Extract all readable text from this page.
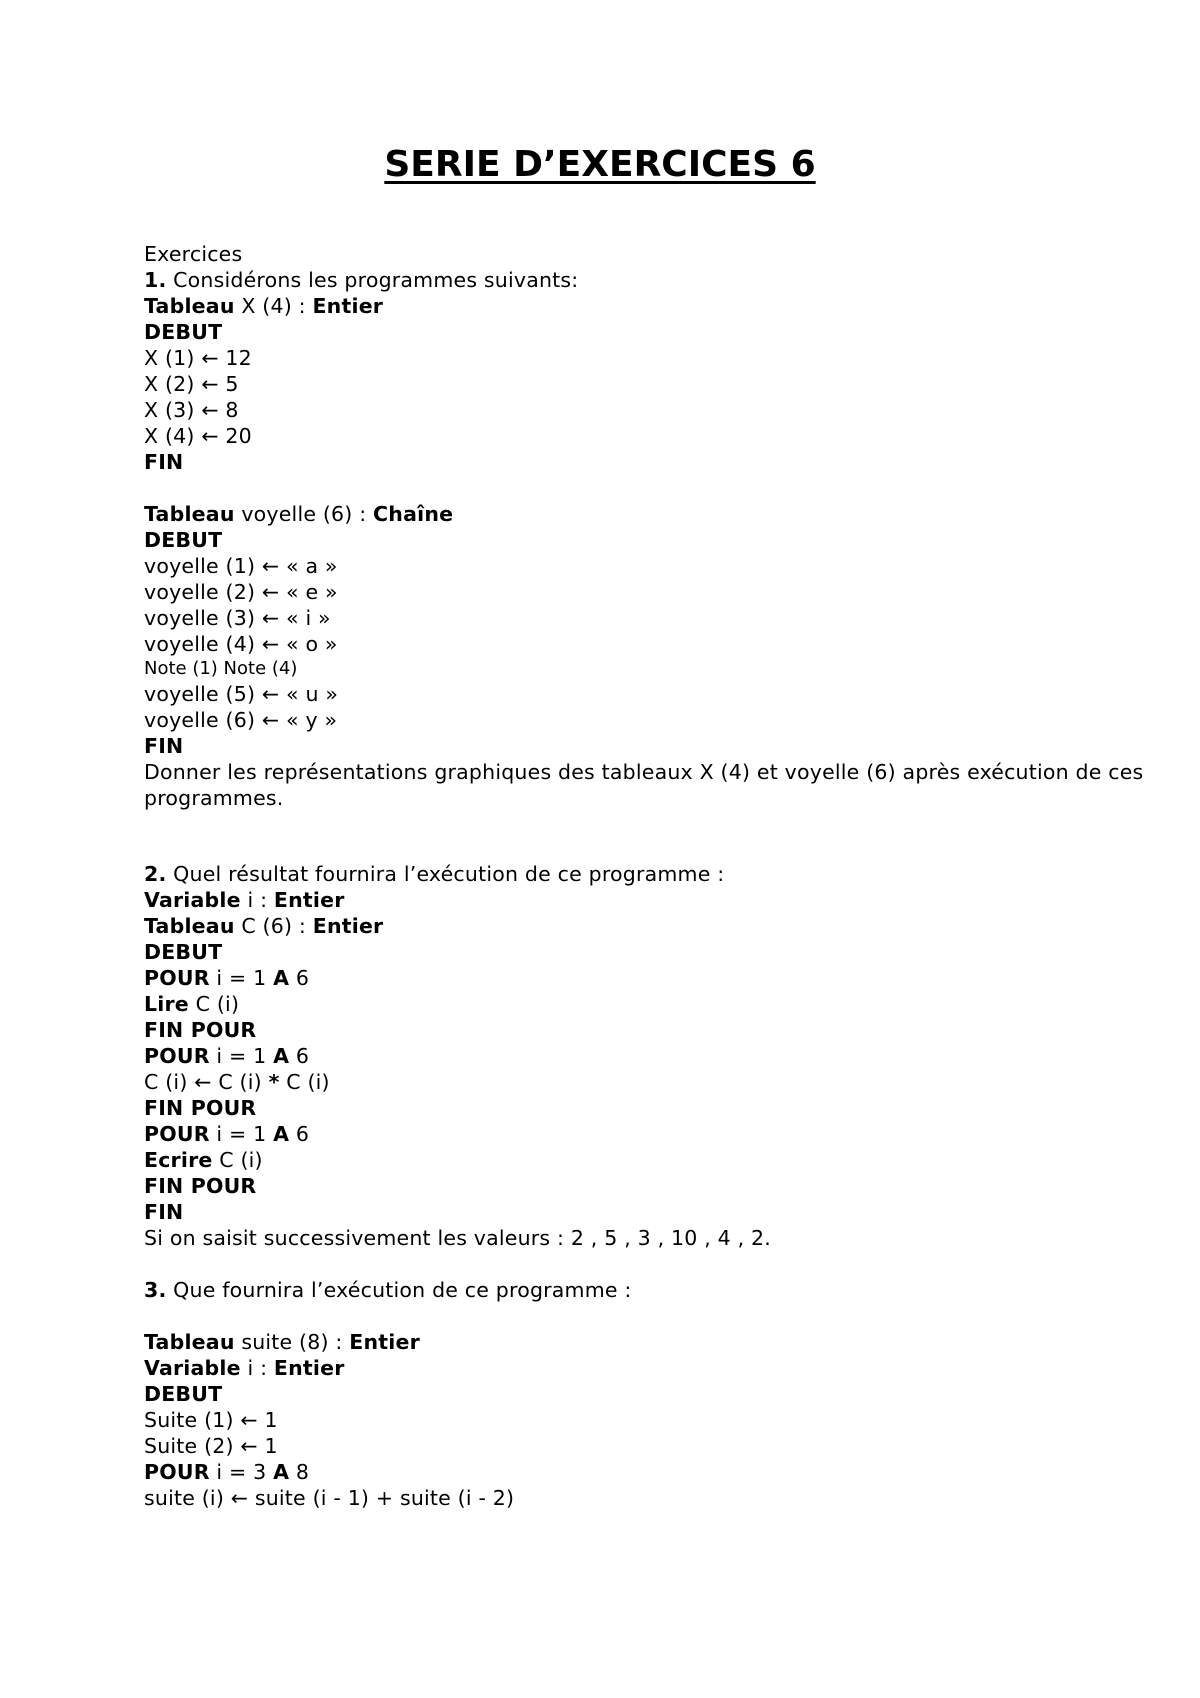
SERIE D’EXERCICES 6
Exercices
1. Considérons les programmes suivants:
Tableau X (4) : Entier
DEBUT
X (1) ← 12
X (2) ← 5
X (3) ← 8
X (4) ← 20
FIN
Tableau voyelle (6) : Chaîne
DEBUT
voyelle (1) ← « a »
voyelle (2) ← « e »
voyelle (3) ← « i »
voyelle (4) ← « o »
Note (1) Note (4)
voyelle (5) ← « u »
voyelle (6) ← « y »
FIN
Donner les représentations graphiques des tableaux X (4) et voyelle (6) après exécution de ces
programmes.
2. Quel résultat fournira l’exécution de ce programme :
Variable i : Entier
Tableau C (6) : Entier
DEBUT
POUR i = 1 A 6
Lire C (i)
FIN POUR
POUR i = 1 A 6
C (i) ← C (i) * C (i)
FIN POUR
POUR i = 1 A 6
Ecrire C (i)
FIN POUR
FIN
Si on saisit successivement les valeurs : 2 , 5 , 3 , 10 , 4 , 2.
3. Que fournira l’exécution de ce programme :
Tableau suite (8) : Entier
Variable i : Entier
DEBUT
Suite (1) ← 1
Suite (2) ← 1
POUR i = 3 A 8
suite (i) ← suite (i - 1) + suite (i - 2)
